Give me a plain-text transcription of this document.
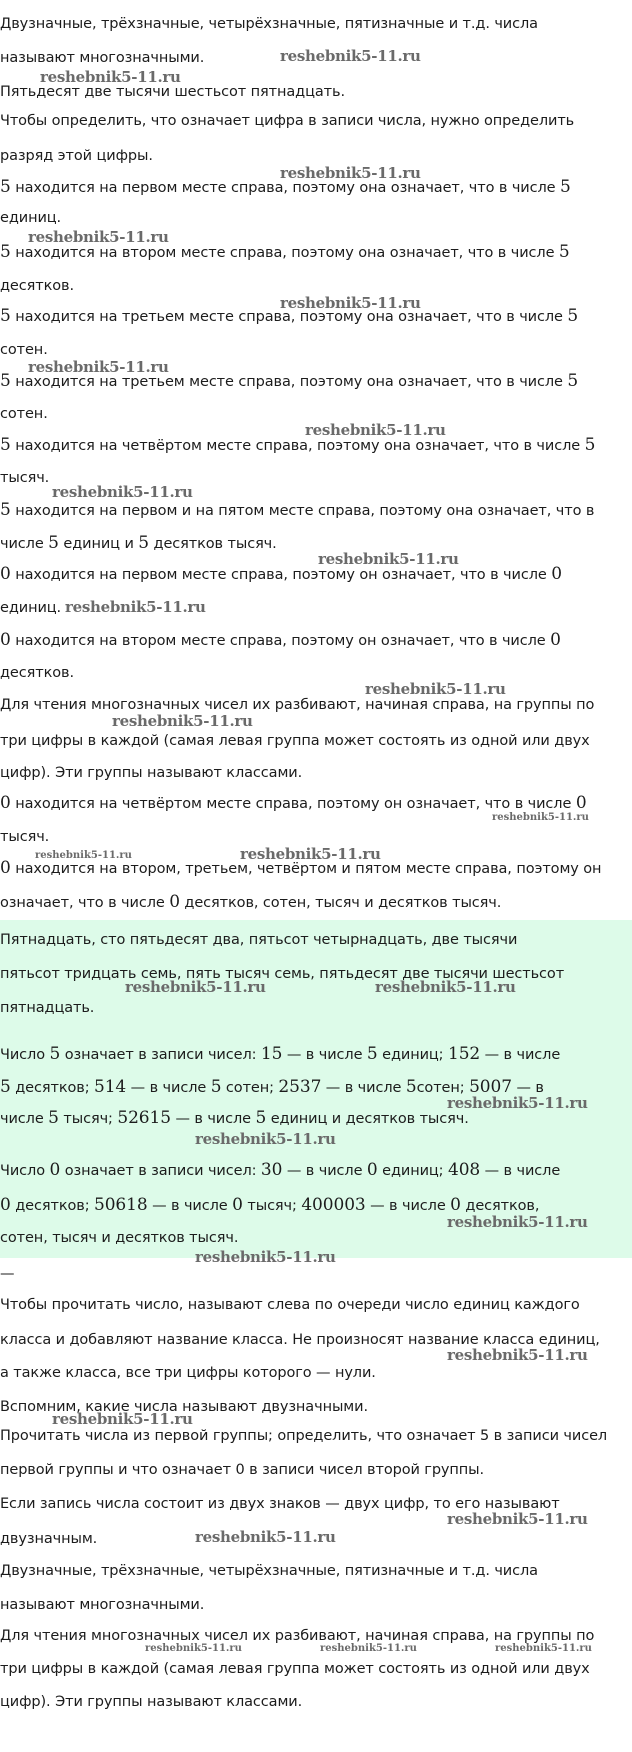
Двузначные, трёхзначные, четырёхзначные, пятизначные и т.д. числа
называют многозначными.
Пятьдесят две тысячи шестьсот пятнадцать.
Чтобы определить, что означает цифра в записи числа, нужно определить
разряд этой цифры.
5 находится на первом месте справа, поэтому она означает, что в числе 5
единиц.
5 находится на втором месте справа, поэтому она означает, что в числе 5
десятков.
5 находится на третьем месте справа, поэтому она означает, что в числе 5
сотен.
5 находится на третьем месте справа, поэтому она означает, что в числе 5
сотен.
5 находится на четвёртом месте справа, поэтому она означает, что в числе 5
тысяч.
5 находится на первом и на пятом месте справа, поэтому она означает, что в
числе 5 единиц и 5 десятков тысяч.
0 находится на первом месте справа, поэтому он означает, что в числе 0
единиц.
0 находится на втором месте справа, поэтому он означает, что в числе 0
десятков.
Для чтения многозначных чисел их разбивают, начиная справа, на группы по
три цифры в каждой (самая левая группа может состоять из одной или двух
цифр). Эти группы называют классами.
0 находится на четвёртом месте справа, поэтому он означает, что в числе 0
тысяч.
0 находится на втором, третьем, четвёртом и пятом месте справа, поэтому он
означает, что в числе 0 десятков, сотен, тысяч и десятков тысяч.
Пятнадцать, сто пятьдесят два, пятьсот четырнадцать, две тысячи
пятьсот тридцать семь, пять тысяч семь, пятьдесят две тысячи шестьсот
пятнадцать.
Число 5 означает в записи чисел: 15 — в числе 5 единиц; 152 — в числе
5 десятков; 514 — в числе 5 сотен; 2537 — в числе 5сотен; 5007 — в
числе 5 тысяч; 52615 — в числе 5 единиц и десятков тысяч.
Число 0 означает в записи чисел: 30 — в числе 0 единиц; 408 — в числе
0 десятков; 50618 — в числе 0 тысяч; 400003 — в числе 0 десятков,
сотен, тысяч и десятков тысяч.
—
Чтобы прочитать число, называют слева по очереди число единиц каждого
класса и добавляют название класса. Не произносят название класса единиц,
а также класса, все три цифры которого — нули.
Вспомним, какие числа называют двузначными.
Прочитать числа из первой группы; определить, что означает 5 в записи чисел
первой группы и что означает 0 в записи чисел второй группы.
Если запись числа состоит из двух знаков — двух цифр, то его называют
двузначным.
Двузначные, трёхзначные, четырёхзначные, пятизначные и т.д. числа
называют многозначными.
Для чтения многозначных чисел их разбивают, начиная справа, на группы по
три цифры в каждой (самая левая группа может состоять из одной или двух
цифр). Эти группы называют классами.
reshebnik5-11.ru
reshebnik5-11.ru
reshebnik5-11.ru
reshebnik5-11.ru
reshebnik5-11.ru
reshebnik5-11.ru
reshebnik5-11.ru
reshebnik5-11.ru
reshebnik5-11.ru
reshebnik5-11.ru
reshebnik5-11.ru
reshebnik5-11.ru
reshebnik5-11.ru
reshebnik5-11.ru	reshebnik5-11.ru
reshebnik5-11.ru	reshebnik5-11.ru
reshebnik5-11.ru
reshebnik5-11.ru
reshebnik5-11.ru
reshebnik5-11.ru
reshebnik5-11.ru
reshebnik5-11.ru
reshebnik5-11.ru
reshebnik5-11.ru
reshebnik5-11.ru	reshebnik5-11.ru	reshebnik5-11.ru
